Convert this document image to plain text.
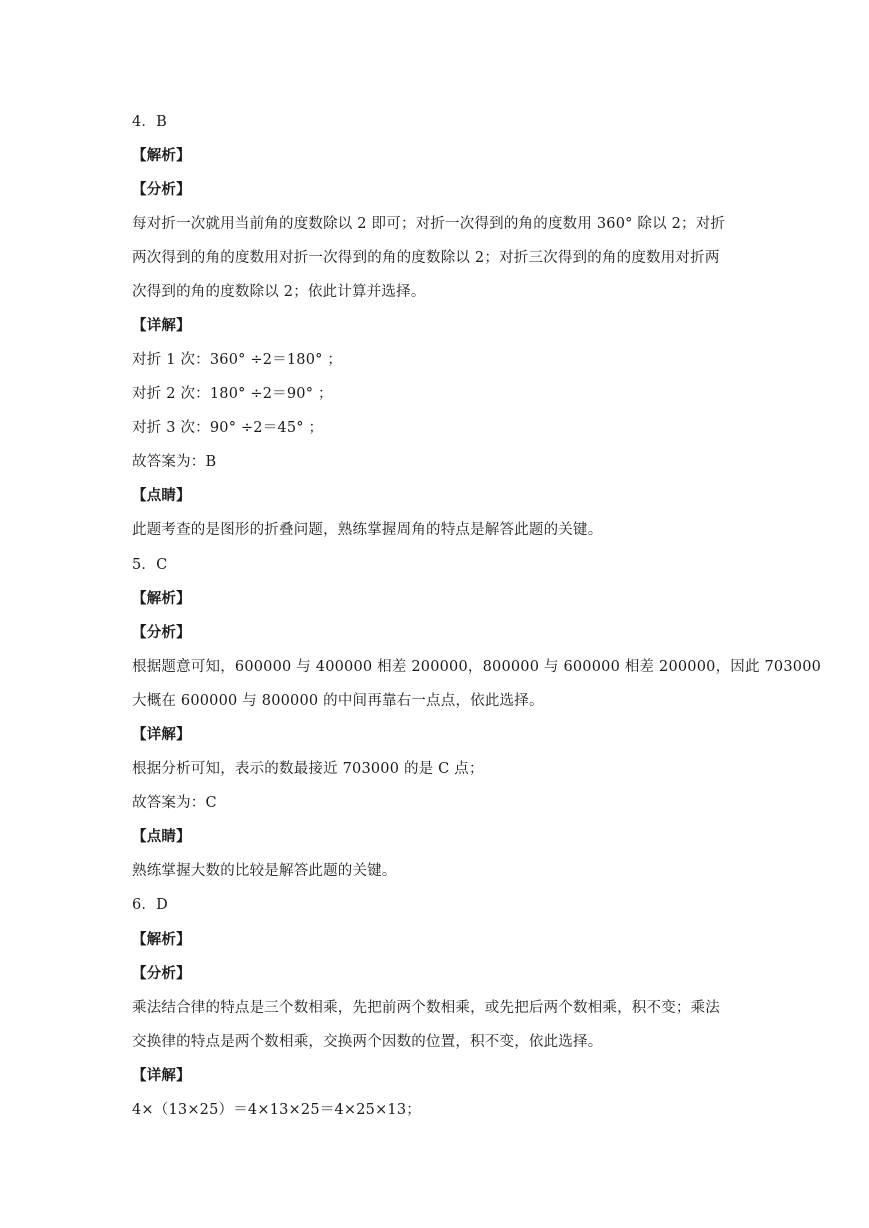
4．B
【解析】
【分析】
每对折一次就用当前角的度数除以 2 即可；对折一次得到的角的度数用 360° 除以 2；对折
两次得到的角的度数用对折一次得到的角的度数除以 2；对折三次得到的角的度数用对折两
次得到的角的度数除以 2；依此计算并选择。
【详解】
对折 1 次：360° ÷2＝180° ；
对折 2 次：180° ÷2＝90° ；
对折 3 次：90° ÷2＝45° ；
故答案为：B
【点睛】
此题考查的是图形的折叠问题，熟练掌握周角的特点是解答此题的关键。
5．C
【解析】
【分析】
根据题意可知，600000 与 400000 相差 200000，800000 与 600000 相差 200000，因此 703000
大概在 600000 与 800000 的中间再靠右一点点，依此选择。
【详解】
根据分析可知，表示的数最接近 703000 的是 C 点；
故答案为：C
【点睛】
熟练掌握大数的比较是解答此题的关键。
6．D
【解析】
【分析】
乘法结合律的特点是三个数相乘，先把前两个数相乘，或先把后两个数相乘，积不变；乘法
交换律的特点是两个数相乘，交换两个因数的位置，积不变，依此选择。
【详解】
4×（13×25）＝4×13×25＝4×25×13；
